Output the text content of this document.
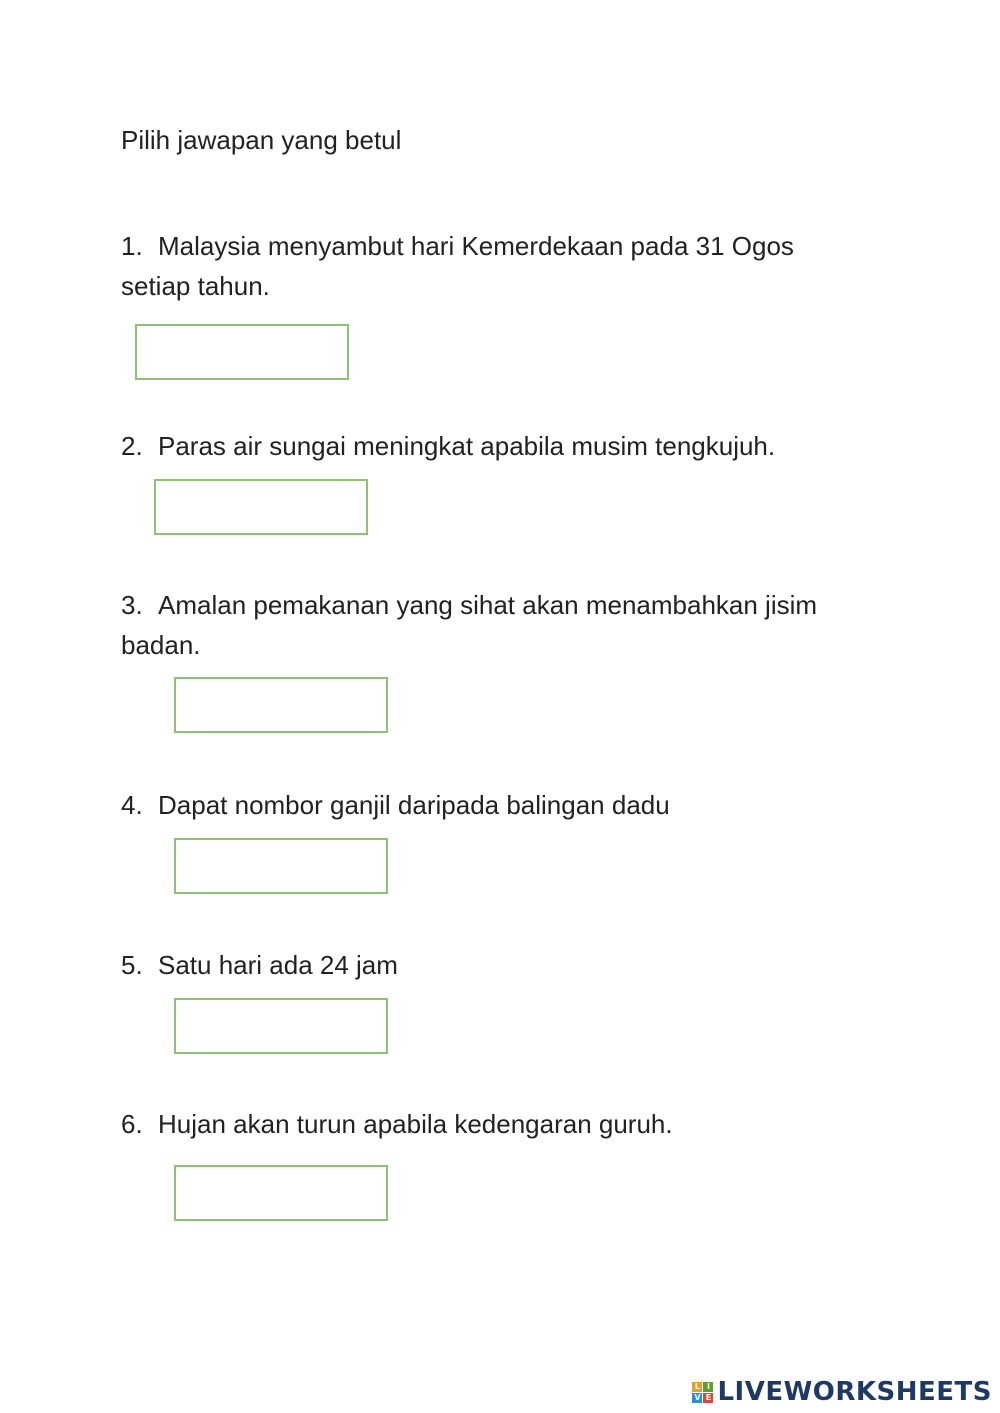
Pilih jawapan yang betul
1. Malaysia menyambut hari Kemerdekaan pada 31 Ogos
setiap tahun.
2. Paras air sungai meningkat apabila musim tengkujuh.
3. Amalan pemakanan yang sihat akan menambahkan jisim
badan.
4. Dapat nombor ganjil daripada balingan dadu
5. Satu hari ada 24 jam
6. Hujan akan turun apabila kedengaran guruh.
L I
V E LIVEWORKSHEETS
